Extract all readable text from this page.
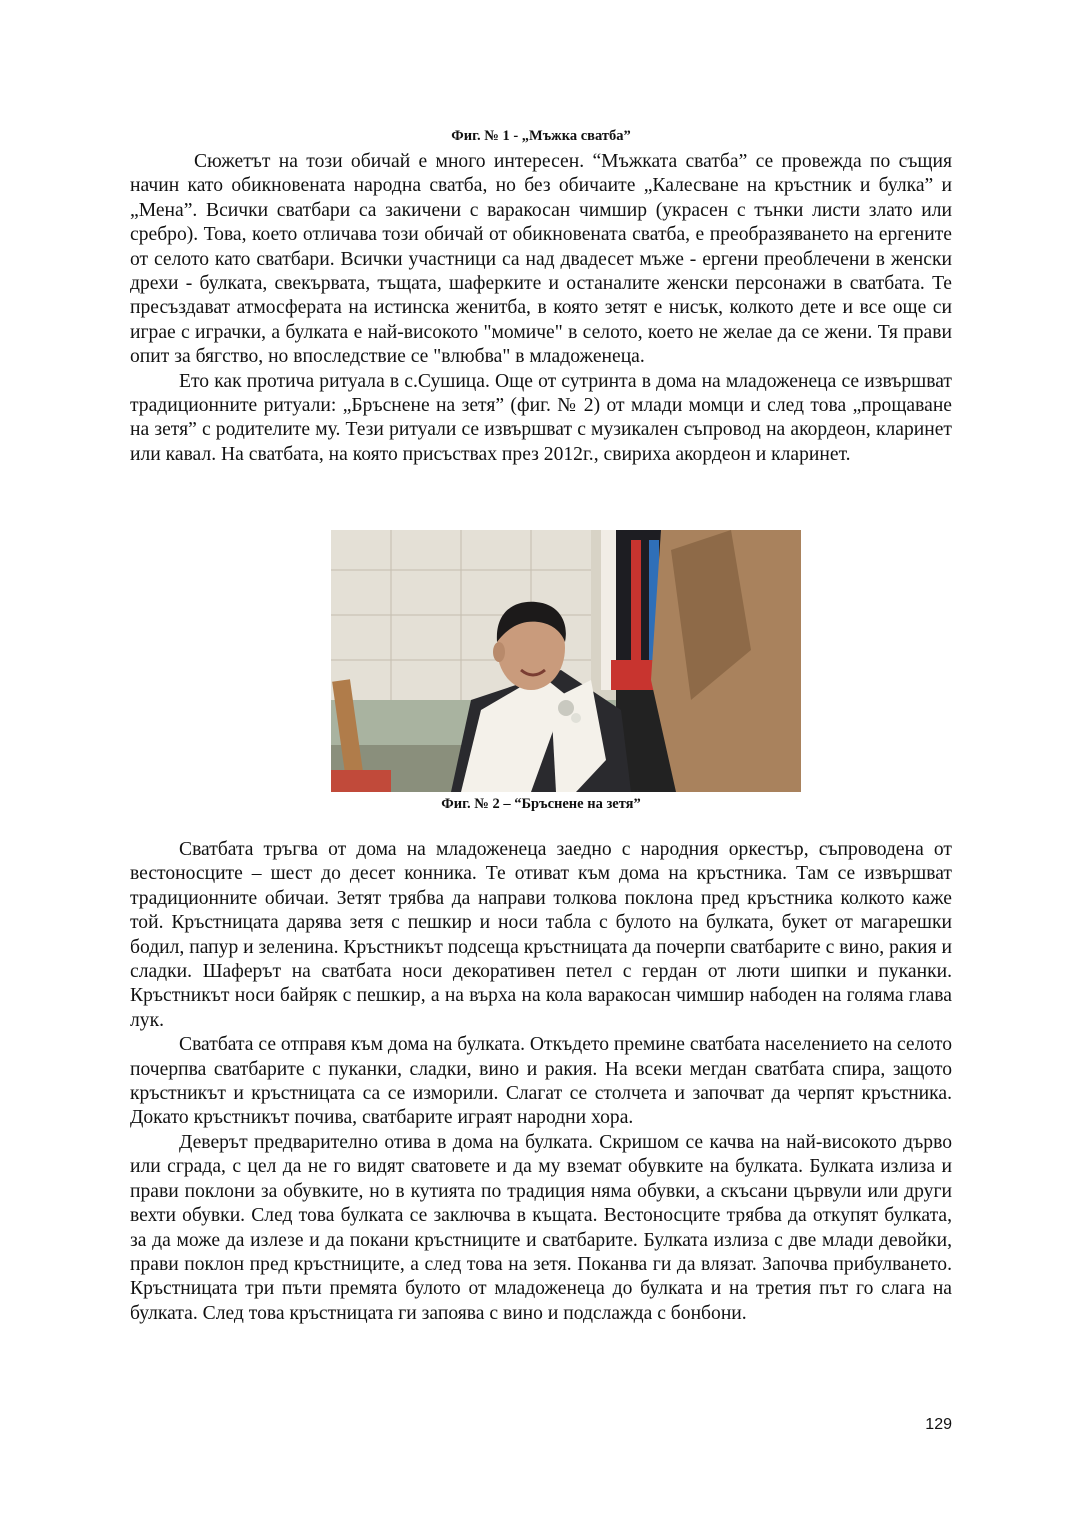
Фиг. № 1 - „Мъжка сватба”

Сюжетът на този обичай е много интересен. “Мъжката сватба” се провежда по същия начин като обикновената народна сватба, но без обичаите „Калесване на кръстник и булка” и „Мена”. Всички сватбари са закичени с варакосан чимшир (украсен с тънки листи злато или сребро). Това, което отличава този обичай от обикновената сватба, е преобразяването на ергените от селото като сватбари. Всички участници са над двадесет мъже - ергени преоблечени в женски дрехи - булката, свекървата, тъщата, шаферките и останалите женски персонажи в сватбата. Те пресъздават атмосферата на истинска женитба, в която зетят е нисък, колкото дете и все още си играе с играчки, а булката е най-високото "момиче" в селото, което не желае да се жени. Тя прави опит за бягство, но впоследствие се "влюбва" в младоженеца.

Ето как протича ритуала в с.Сушица. Още от сутринта в дома на младоженеца се извършват традиционните ритуали: „Бръснене на зетя” (фиг. № 2) от млади момци и след това „прощаване на зетя” с родителите му. Тези ритуали се извършват с музикален съпровод на акордеон, кларинет или кавал. На сватбата, на която присъствах през 2012г., свириха акордеон и кларинет.

Фиг. № 2 – “Бръснене на зетя”

Сватбата тръгва от дома на младоженеца заедно с народния оркестър, съпроводена от вестоносците – шест до десет конника. Те отиват към дома на кръстника. Там се извършват традиционните обичаи. Зетят трябва да направи толкова поклона пред кръстника колкото каже той. Кръстницата дарява зетя с пешкир и носи табла с булото на булката, букет от магарешки бодил, папур и зеленина. Кръстникът подсеща кръстницата да почерпи сватбарите с вино, ракия и сладки. Шаферът на сватбата носи декоративен петел с гердан от люти шипки и пуканки. Кръстникът носи байряк с пешкир, а на върха на кола варакосан чимшир набоден на голяма глава лук.

Сватбата се отправя към дома на булката. Откъдето премине сватбата населението на селото почерпва сватбарите с пуканки, сладки, вино и ракия. На всеки мегдан сватбата спира, защото кръстникът и кръстницата са се изморили. Слагат се столчета и започват да черпят кръстника. Докато кръстникът почива, сватбарите играят народни хора.

Деверът предварително отива в дома на булката. Скришом се качва на най-високото дърво или сграда, с цел да не го видят сватовете и да му вземат обувките на булката. Булката излиза и прави поклони за обувките, но в кутията по традиция няма обувки, а скъсани цървули или други вехти обувки. След това булката се заключва в къщата. Вестоносците трябва да откупят булката, за да може да излезе и да покани кръстниците и сватбарите. Булката излиза с две млади девойки, прави поклон пред кръстниците, а след това на зетя. Поканва ги да влязат. Започва прибулването. Кръстницата три пъти премята булото от младоженеца до булката и на третия път го слага на булката. След това кръстницата ги запоява с вино и подслажда с бонбони.

129
